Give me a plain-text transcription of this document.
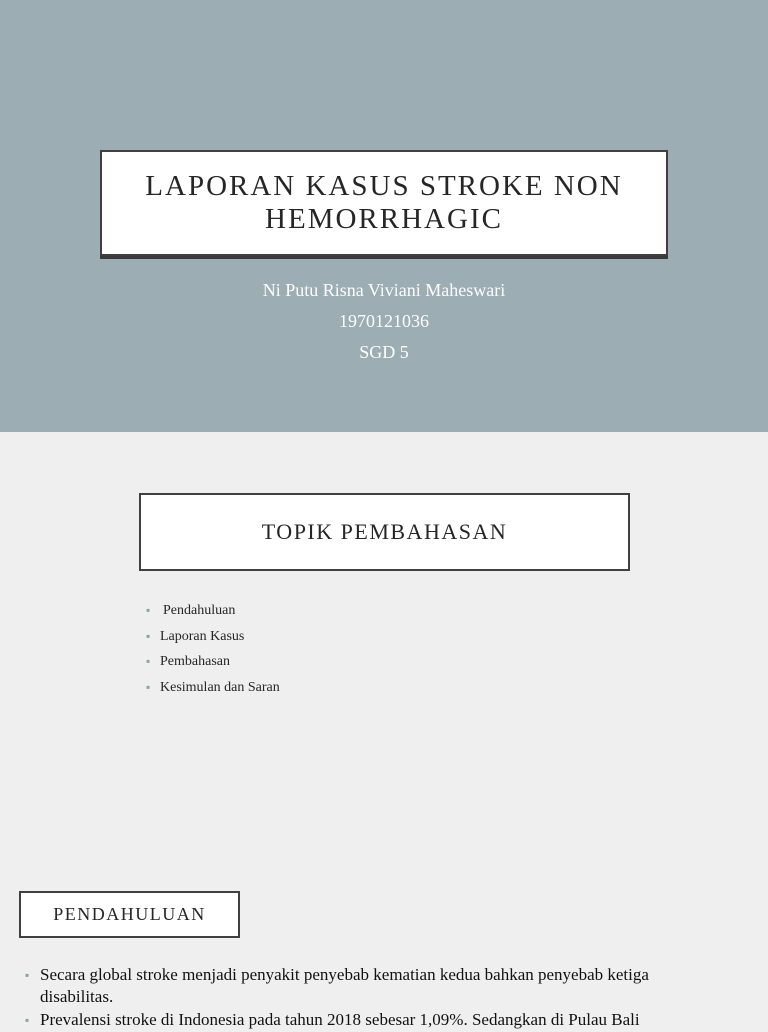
LAPORAN KASUS STROKE NON HEMORRHAGIC
Ni Putu Risna Viviani Maheswari
1970121036
SGD 5
TOPIK PEMBAHASAN
▪ Pendahuluan
▪ Laporan Kasus
▪ Pembahasan
▪ Kesimulan dan Saran
PENDAHULUAN
▪ Secara global stroke menjadi penyakit penyebab kematian kedua bahkan penyebab ketiga disabilitas.
▪ Prevalensi stroke di Indonesia pada tahun 2018 sebesar 1,09%. Sedangkan di Pulau Bali
